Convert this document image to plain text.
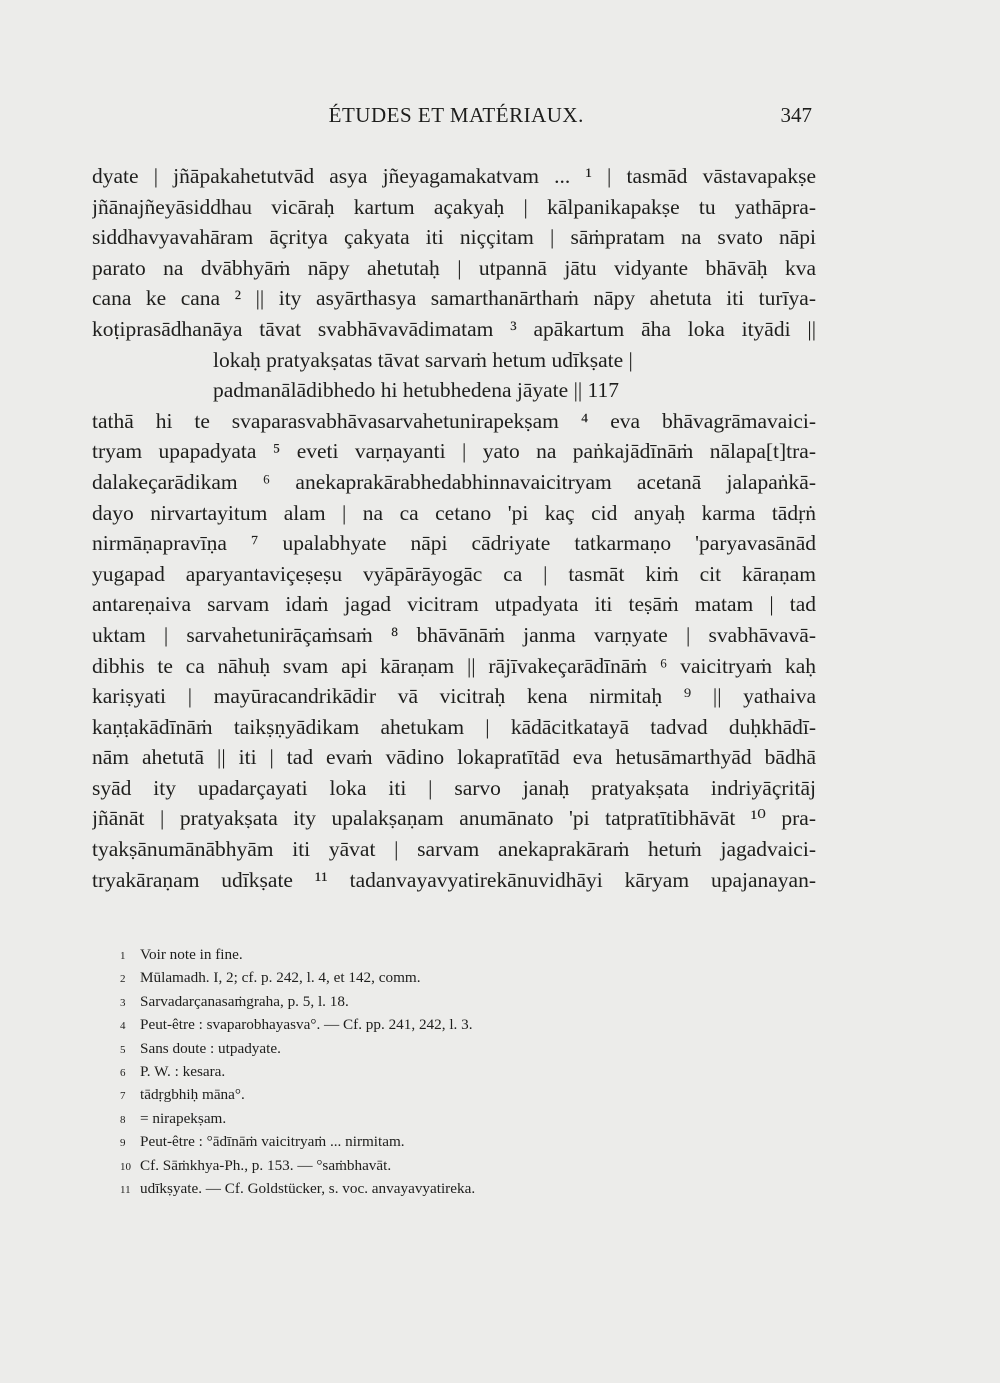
ÉTUDES ET MATÉRIAUX.	347
dyate | jñāpakahetutvād asya jñeyagamakatvam ... ¹ | tasmād vāstavapakṣe
jñānajñeyāsiddhau vicāraḥ kartum açakyaḥ | kālpanikapakṣe tu yathāpra-
siddhavyavahāram āçritya çakyata iti niççitam | sāṁpratam na svato nāpi
parato na dvābhyāṁ nāpy ahetutaḥ | utpannā jātu vidyante bhāvāḥ kva
cana ke cana ² || ity asyārthasya samarthanārthaṁ nāpy ahetuta iti turīya-
koṭiprasādhanāya tāvat svabhāvavādimatam ³ apākartum āha loka ityādi ||
lokaḥ pratyakṣatas tāvat sarvaṁ hetum udīkṣate |
padmanālādibhedo hi hetubhedena jāyate || 117
tathā hi te svaparasvabhāvasarvahetunirapekṣam ⁴ eva bhāvagrāmavaici-
tryam upapadyata ⁵ eveti varṇayanti | yato na paṅkajādīnāṁ nālapa[t]tra-
dalakeçarādikam ⁶ anekaprakārabhedabhinnavaicitryam acetanā jalapaṅkā-
dayo nirvartayitum alam | na ca cetano 'pi kaç cid anyaḥ karma tādṛṅ
nirmāṇapravīṇa ⁷ upalabhyate nāpi cādriyate tatkarmaṇo 'paryavasānād
yugapad aparyantaviçeṣeṣu vyāpārāyogāc ca | tasmāt kiṁ cit kāraṇam
antareṇaiva sarvam idaṁ jagad vicitram utpadyata iti teṣāṁ matam | tad
uktam | sarvahetunirāçaṁsaṁ ⁸ bhāvānāṁ janma varṇyate | svabhāvavā-
dibhis te ca nāhuḥ svam api kāraṇam || rājīvakeçarādīnāṁ ⁶ vaicitryaṁ kaḥ
kariṣyati | mayūracandrikādir vā vicitraḥ kena nirmitaḥ ⁹ || yathaiva
kaṇṭakādīnāṁ taikṣṇyādikam ahetukam | kādācitkatayā tadvad duḥkhādī-
nām ahetutā || iti | tad evaṁ vādino lokapratītād eva hetusāmarthyād bādhā
syād ity upadarçayati loka iti | sarvo janaḥ pratyakṣata indriyāçritāj
jñānāt | pratyakṣata ity upalakṣaṇam anumānato 'pi tatpratītibhāvāt ¹⁰ pra-
tyakṣānumānābhyām iti yāvat | sarvam anekaprakāraṁ hetuṁ jagadvaici-
tryakāraṇam udīkṣate ¹¹ tadanvayavyatirekānuvidhāyi kāryam upajanayan-
1 Voir note in fine.
2 Mūlamadh. I, 2; cf. p. 242, l. 4, et 142, comm.
3 Sarvadarçanasaṁgraha, p. 5, l. 18.
4 Peut-être : svaparobhayasva°. — Cf. pp. 241, 242, l. 3.
5 Sans doute : utpadyate.
6 P. W. : kesara.
7 tādṛgbhiḥ māna°.
8 = nirapekṣam.
9 Peut-être : °ādīnāṁ vaicitryaṁ ... nirmitam.
10 Cf. Sāṁkhya-Ph., p. 153. — °saṁbhavāt.
11 udīkṣyate. — Cf. Goldstücker, s. voc. anvayavyatireka.
